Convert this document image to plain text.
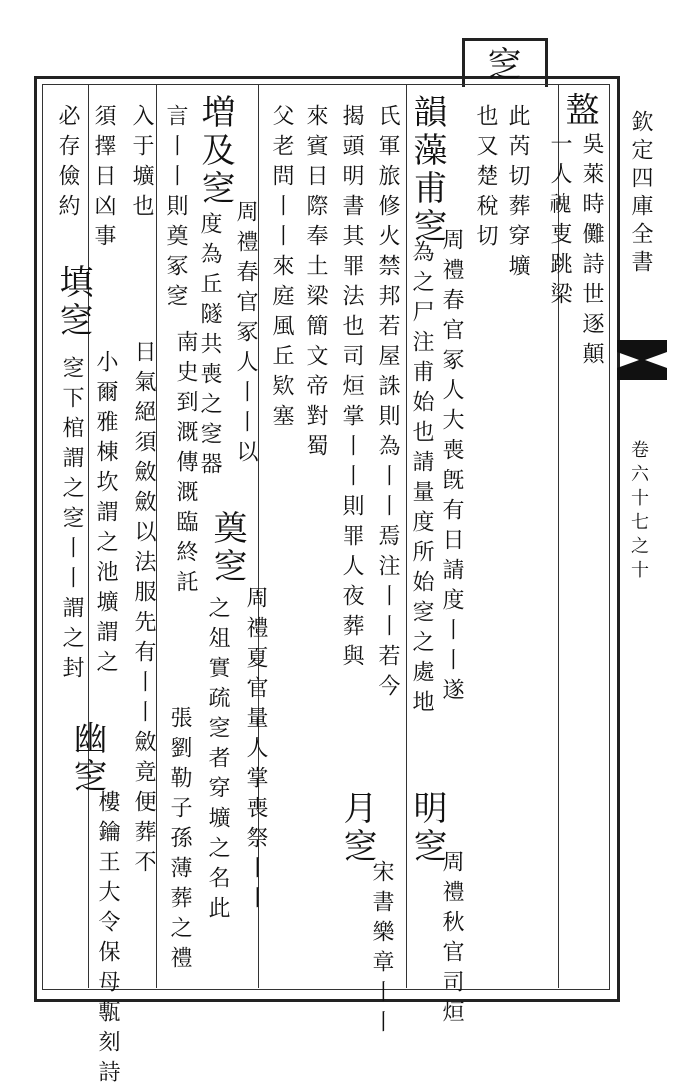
欽定四庫全書
卷六十七之十
窆
此芮切葬穿壙
也又楚稅切 盩
吳萊時儺詩世逐顛
一人𩲡叓跳梁
韻藻甫窆
周禮春官冢人大喪旣有日請度丨丨遂
為之尸注甫始也請量度所始窆之處地
氏軍旅修火禁邦若屋誅則為丨丨焉注丨丨若今
揭頭明書其罪法也司烜掌丨丨則罪人夜葬與
來賓日際奉土梁簡文帝對蜀
父老問丨丨來庭風丘欵塞
明窆
周禮秋官司烜
月窆
宋書樂章丨丨
増及窆
周禮春官冢人丨丨以
度為丘隧共喪之窆器
奠窆
周禮夏官量人掌喪祭丨丨
之俎實疏窆者穿壙之名此
張劉勒子孫薄葬之禮
言丨丨則奠冢窆
南史到溉傳溉臨終託
日氣絕須斂斂以法服先有丨丨斂竟便葬不
入于壙也
須擇日凶事
必存儉約
填窆
小爾雅棟坎謂之池壙謂之
窆下棺謂之窆丨丨謂之封
幽窆
樓鑰王大令保母甎刻詩
